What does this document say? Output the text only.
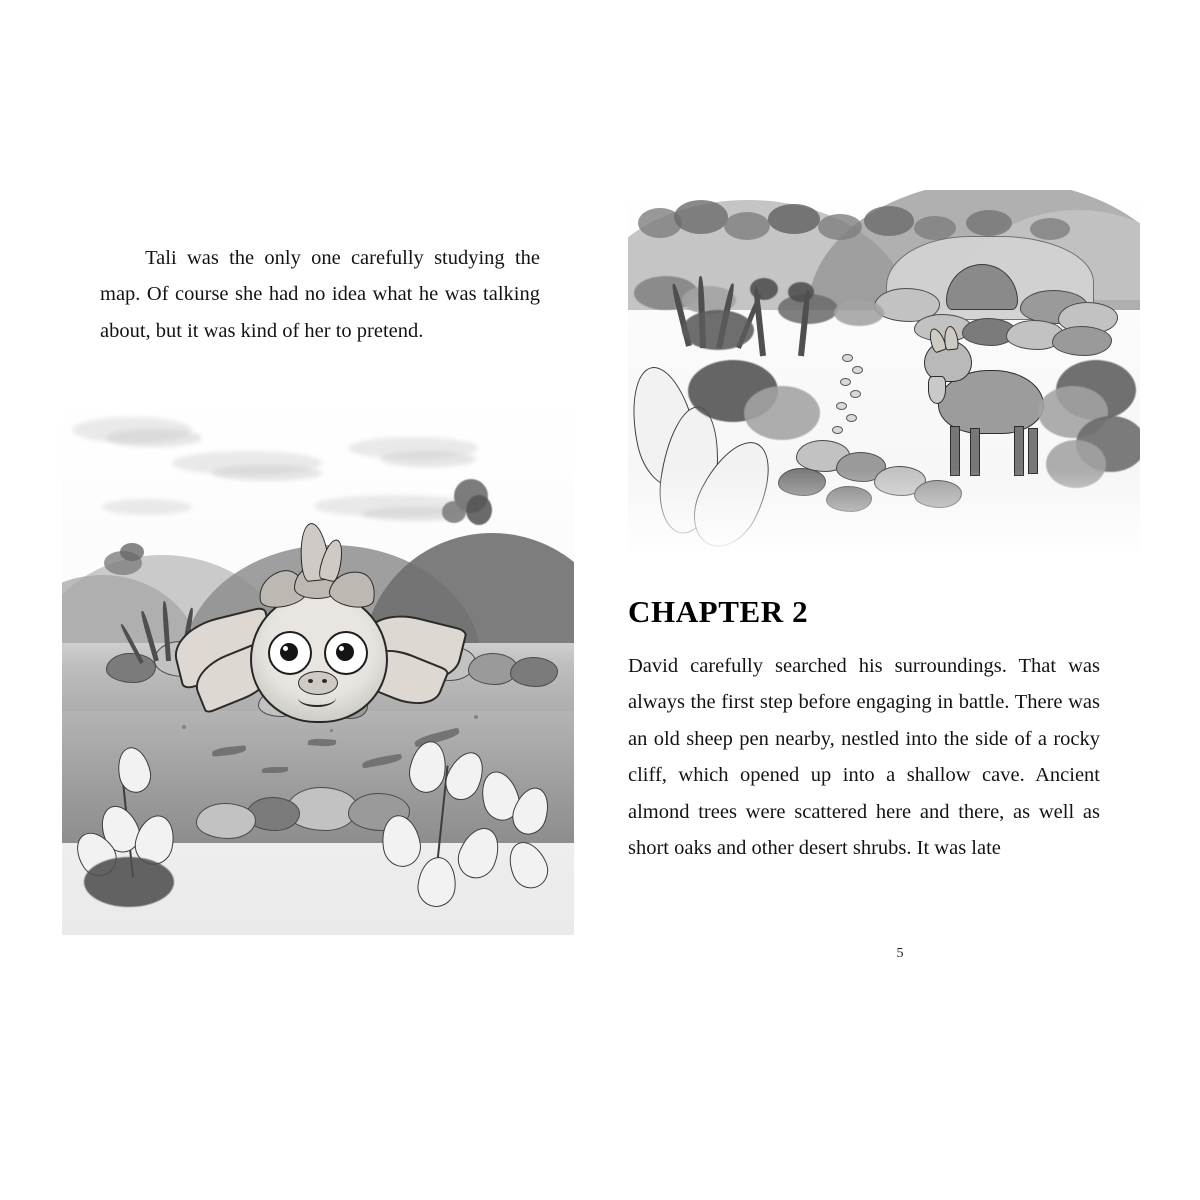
Tali was the only one carefully studying the map. Of course she had no idea what he was talking about, but it was kind of her to pretend.

CHAPTER 2

David carefully searched his surroundings. That was always the first step before engaging in battle. There was an old sheep pen nearby, nestled into the side of a rocky cliff, which opened up into a shallow cave. Ancient almond trees were scattered here and there, as well as short oaks and other desert shrubs. It was late

5
